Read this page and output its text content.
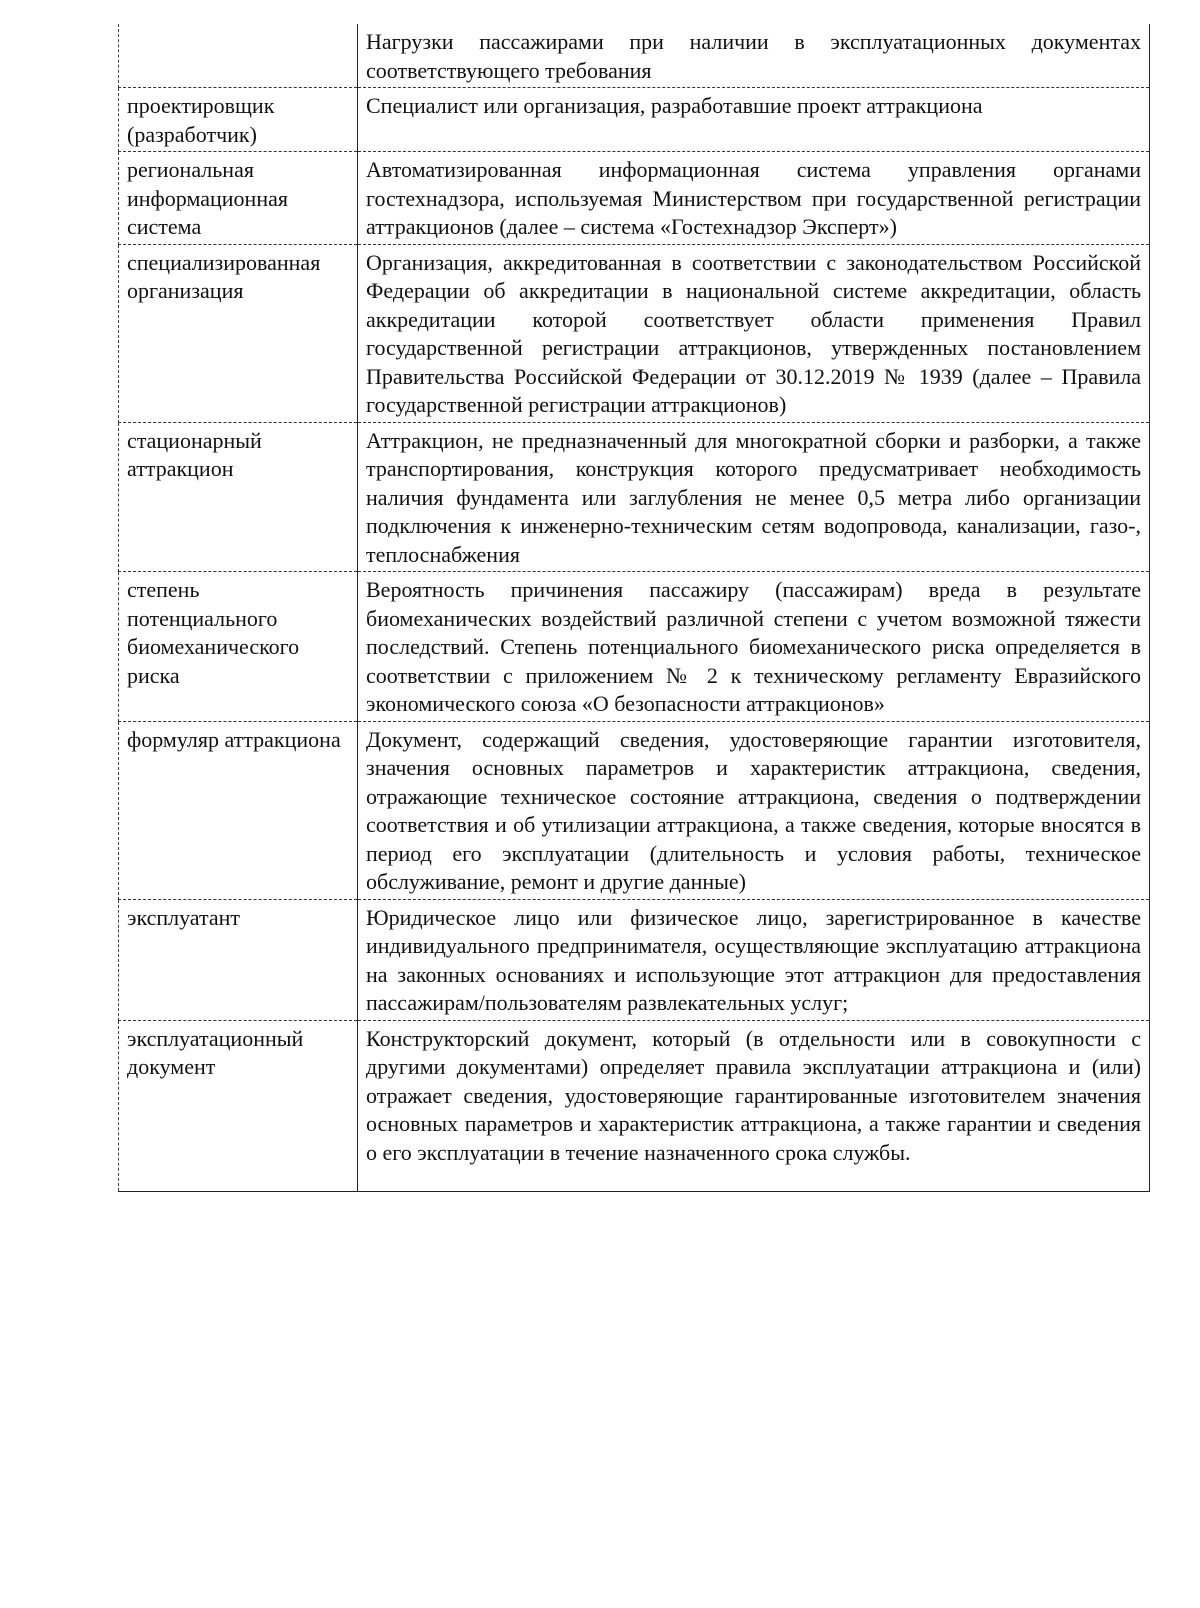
	Нагрузки пассажирами при наличии в эксплуатационных документах соответствующего требования
проектировщик (разработчик)	Специалист или организация, разработавшие проект аттракциона
региональная информационная система	Автоматизированная информационная система управления органами гостехнадзора, используемая Министерством при государственной регистрации аттракционов (далее – система «Гостехнадзор Эксперт»)
специализированная организация	Организация, аккредитованная в соответствии с законодательством Российской Федерации об аккредитации в национальной системе аккредитации, область аккредитации которой соответствует области применения Правил государственной регистрации аттракционов, утвержденных постановлением Правительства Российской Федерации от 30.12.2019 № 1939 (далее – Правила государственной регистрации аттракционов)
стационарный аттракцион	Аттракцион, не предназначенный для многократной сборки и разборки, а также транспортирования, конструкция которого предусматривает необходимость наличия фундамента или заглубления не менее 0,5 метра либо организации подключения к инженерно-техническим сетям водопровода, канализации, газо-, теплоснабжения
степень потенциального биомеханического риска	Вероятность причинения пассажиру (пассажирам) вреда в результате биомеханических воздействий различной степени с учетом возможной тяжести последствий. Степень потенциального биомеханического риска определяется в соответствии с приложением № 2 к техническому регламенту Евразийского экономического союза «О безопасности аттракционов»
формуляр аттракциона	Документ, содержащий сведения, удостоверяющие гарантии изготовителя, значения основных параметров и характеристик аттракциона, сведения, отражающие техническое состояние аттракциона, сведения о подтверждении соответствия и об утилизации аттракциона, а также сведения, которые вносятся в период его эксплуатации (длительность и условия работы, техническое обслуживание, ремонт и другие данные)
эксплуатант	Юридическое лицо или физическое лицо, зарегистрированное в качестве индивидуального предпринимателя, осуществляющие эксплуатацию аттракциона на законных основаниях и использующие этот аттракцион для предоставления пассажирам/пользователям развлекательных услуг;
эксплуатационный документ	Конструкторский документ, который (в отдельности или в совокупности с другими документами) определяет правила эксплуатации аттракциона и (или) отражает сведения, удостоверяющие гарантированные изготовителем значения основных параметров и характеристик аттракциона, а также гарантии и сведения о его эксплуатации в течение назначенного срока службы.
